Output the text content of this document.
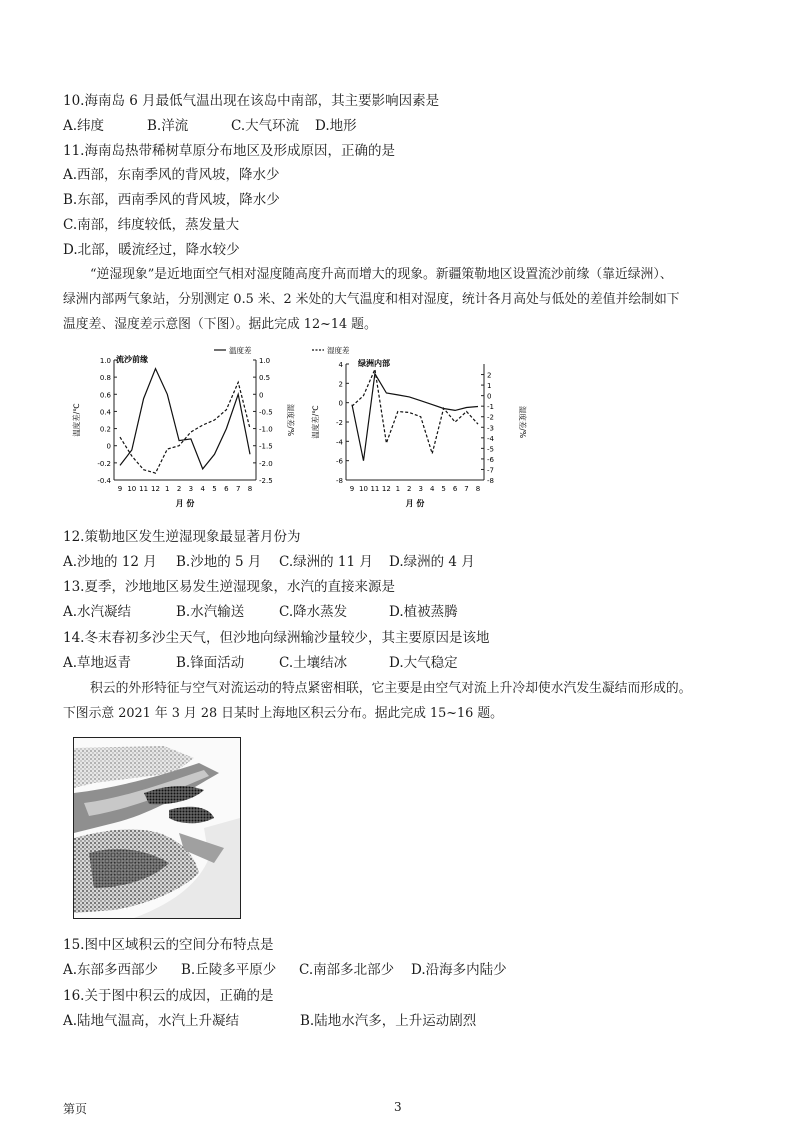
10.海南岛 6 月最低气温出现在该岛中南部，其主要影响因素是
A.纬度	B.洋流	C.大气环流 D.地形
11.海南岛热带稀树草原分布地区及形成原因，正确的是
A.西部，东南季风的背风坡，降水少
B.东部，西南季风的背风坡，降水少
C.南部，纬度较低，蒸发量大
D.北部，暖流经过，降水较少
“逆湿现象”是近地面空气相对湿度随高度升高而增大的现象。新疆策勒地区设置流沙前缘（靠近绿洲）、
绿洲内部两气象站，分别测定 0.5 米、2 米处的大气温度和相对湿度，统计各月高处与低处的差值并绘制如下
温度差、湿度差示意图（下图）。据此完成 12~14 题。
1.0
0.8
0.6
0.4
0.2
0
-0.2
-0.4
1.0
0.5
0
-0.5
-1.0
-1.5
-2.0
-2.5
9 10 11 12 1 2 3 4 5 6 7 8
月 份
温度差/℃	湿度差/%
流沙前缘
温度差
4
2
0
-2
-4
-6
-8
2
1
0
-1
-2
-3
-4
-5
-6
-7
-8
9 10 11 12 1 2 3 4 5 6 7 8
月 份
温度差/℃	湿度差/%
绿洲内部
湿度差
12.策勒地区发生逆湿现象最显著月份为
A.沙地的 12 月 B.沙地的 5 月 C.绿洲的 11 月 D.绿洲的 4 月
13.夏季，沙地地区易发生逆湿现象，水汽的直接来源是
A.水汽凝结	B.水汽输送	C.降水蒸发	D.植被蒸腾
14.冬末春初多沙尘天气，但沙地向绿洲输沙量较少，其主要原因是该地
A.草地返青	B.锋面活动	C.土壤结冰	D.大气稳定
积云的外形特征与空气对流运动的特点紧密相联，它主要是由空气对流上升冷却使水汽发生凝结而形成的。
下图示意 2021 年 3 月 28 日某时上海地区积云分布。据此完成 15~16 题。
15.图中区域积云的空间分布特点是
A.东部多西部少 B.丘陵多平原少 C.南部多北部少 D.沿海多内陆少
16.关于图中积云的成因，正确的是
A.陆地气温高，水汽上升凝结	B.陆地水汽多，上升运动剧烈
第页	3
